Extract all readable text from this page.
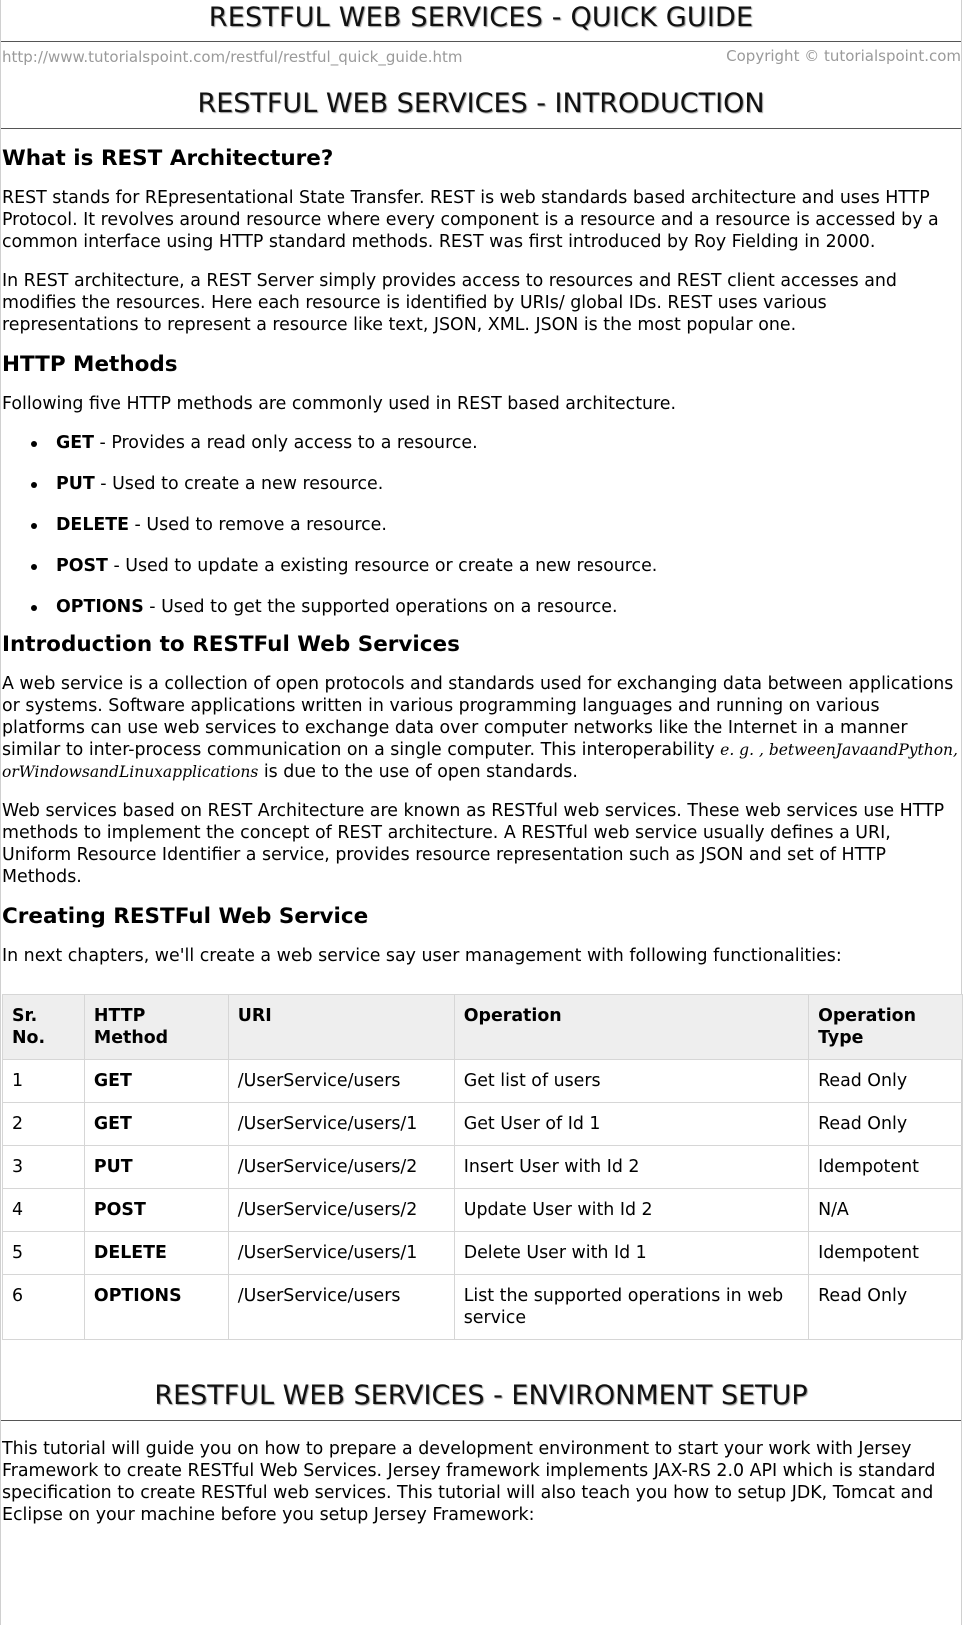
RESTFUL WEB SERVICES - QUICK GUIDE
http://www.tutorialspoint.com/restful/restful_quick_guide.htm	Copyright © tutorialspoint.com
RESTFUL WEB SERVICES - INTRODUCTION
What is REST Architecture?

REST stands for REpresentational State Transfer. REST is web standards based architecture and uses HTTP Protocol. It revolves around resource where every component is a resource and a resource is accessed by a common interface using HTTP standard methods. REST was first introduced by Roy Fielding in 2000.

In REST architecture, a REST Server simply provides access to resources and REST client accesses and modifies the resources. Here each resource is identified by URIs/ global IDs. REST uses various representations to represent a resource like text, JSON, XML. JSON is the most popular one.

HTTP Methods

Following five HTTP methods are commonly used in REST based architecture.

GET - Provides a read only access to a resource.
PUT - Used to create a new resource.
DELETE - Used to remove a resource.
POST - Used to update a existing resource or create a new resource.
OPTIONS - Used to get the supported operations on a resource.
Introduction to RESTFul Web Services

A web service is a collection of open protocols and standards used for exchanging data between applications or systems. Software applications written in various programming languages and running on various platforms can use web services to exchange data over computer networks like the Internet in a manner similar to inter-process communication on a single computer. This interoperability e. g. , betweenJavaandPython, orWindowsandLinuxapplications is due to the use of open standards.

Web services based on REST Architecture are known as RESTful web services. These web services use HTTP methods to implement the concept of REST architecture. A RESTful web service usually defines a URI, Uniform Resource Identifier a service, provides resource representation such as JSON and set of HTTP Methods.

Creating RESTFul Web Service

In next chapters, we'll create a web service say user management with following functionalities:

Sr. No.	HTTP Method	URI	Operation	Operation Type
1	GET	/UserService/users	Get list of users	Read Only
2	GET	/UserService/users/1	Get User of Id 1	Read Only
3	PUT	/UserService/users/2	Insert User with Id 2	Idempotent
4	POST	/UserService/users/2	Update User with Id 2	N/A
5	DELETE	/UserService/users/1	Delete User with Id 1	Idempotent
6	OPTIONS	/UserService/users	List the supported operations in web service	Read Only
RESTFUL WEB SERVICES - ENVIRONMENT SETUP

This tutorial will guide you on how to prepare a development environment to start your work with Jersey Framework to create RESTful Web Services. Jersey framework implements JAX-RS 2.0 API which is standard specification to create RESTful web services. This tutorial will also teach you how to setup JDK, Tomcat and Eclipse on your machine before you setup Jersey Framework:
